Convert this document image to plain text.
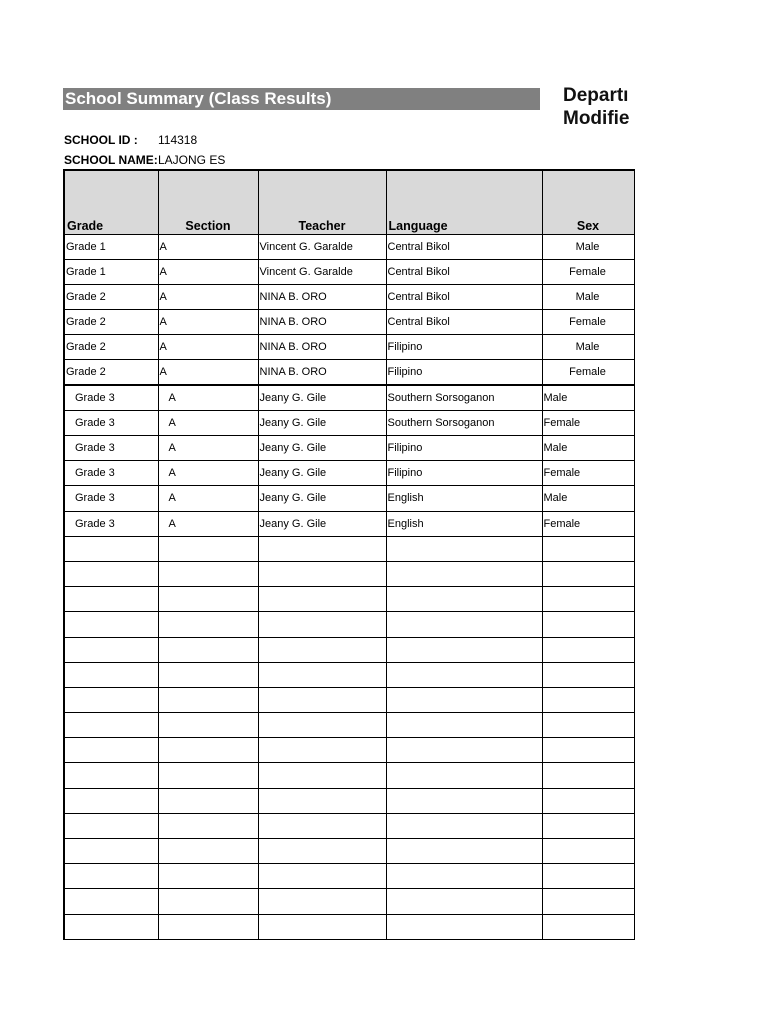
School Summary (Class Results)	Departı
Modifie
SCHOOL ID : 114318
SCHOOL NAME: LAJONG ES
Grade	Section	Teacher	Language	Sex
Grade 1	A	Vincent G. Garalde	Central Bikol	Male
Grade 1	A	Vincent G. Garalde	Central Bikol	Female
Grade 2	A	NINA B. ORO	Central Bikol	Male
Grade 2	A	NINA B. ORO	Central Bikol	Female
Grade 2	A	NINA B. ORO	Filipino	Male
Grade 2	A	NINA B. ORO	Filipino	Female
Grade 3	A	Jeany G. Gile	Southern Sorsoganon	Male
Grade 3	A	Jeany G. Gile	Southern Sorsoganon	Female
Grade 3	A	Jeany G. Gile	Filipino	Male
Grade 3	A	Jeany G. Gile	Filipino	Female
Grade 3	A	Jeany G. Gile	English	Male
Grade 3	A	Jeany G. Gile	English	Female
